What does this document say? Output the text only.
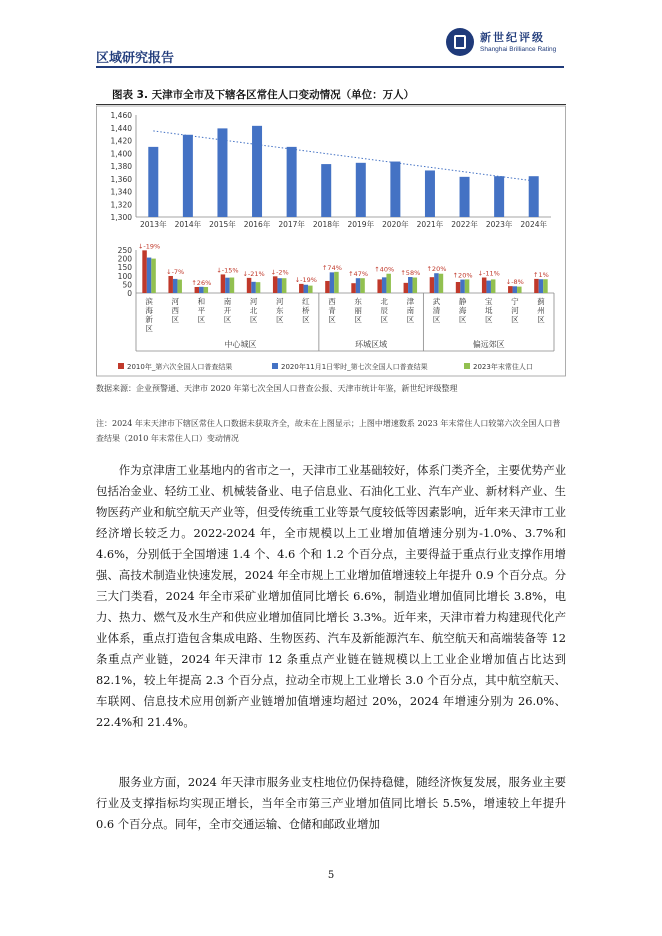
区域研究报告
新世纪评级
Shanghai Brilliance Rating
图表 3. 天津市全市及下辖各区常住人口变动情况（单位：万人）
1,300
1,320
1,340
1,360
1,380
1,400
1,420
1,440
1,460
2013年 2014年 2015年 2016年 2017年 2018年 2019年 2020年 2021年 2022年 2023年 2024年
0
50
100
150
200
250 ↓-19%
滨
海
新
区
↓-7%
河
西
区
↑26%
和
平
区
↓-15%
南
开
区
↓-21%
河
北
区
↓-2%
河
东
区
↓-19%
红
桥
区
↑74%
西
青
区
↑47%
东
丽
区
↑40%
北
辰
区
↑58%
津
南
区
↑20%
武
清
区
↑20%
静
海
区
↓-11%
宝
坻
区
↓-8%
宁
河
区
↑1%
蓟
州
区
中心城区	环城区域	偏远郊区
2010年_第六次全国人口普查结果	2020年11月1日零时_第七次全国人口普查结果	2023年末常住人口
数据来源：企业预警通、天津市 2020 年第七次全国人口普查公报、天津市统计年鉴，新世纪评级整理
注：2024 年末天津市下辖区常住人口数据未获取齐全，故未在上图显示；上图中增速数系 2023 年末常住人口较第六次全国人口普查结果（2010 年末常住人口）变动情况

作为京津唐工业基地内的省市之一，天津市工业基础较好，体系门类齐全，主要优势产业包括冶金业、轻纺工业、机械装备业、电子信息业、石油化工业、汽车产业、新材料产业、生物医药产业和航空航天产业等，但受传统重工业等景气度较低等因素影响，近年来天津市工业经济增长较乏力。2022-2024 年，全市规模以上工业增加值增速分别为-1.0%、3.7%和 4.6%，分别低于全国增速 1.4 个、4.6 个和 1.2 个百分点，主要得益于重点行业支撑作用增强、高技术制造业快速发展，2024 年全市规上工业增加值增速较上年提升 0.9 个百分点。分三大门类看，2024 年全市采矿业增加值同比增长 6.6%，制造业增加值同比增长 3.8%，电力、热力、燃气及水生产和供应业增加值同比增长 3.3%。近年来，天津市着力构建现代化产业体系，重点打造包含集成电路、生物医药、汽车及新能源汽车、航空航天和高端装备等 12 条重点产业链，2024 年天津市 12 条重点产业链在链规模以上工业企业增加值占比达到 82.1%，较上年提高 2.3 个百分点，拉动全市规上工业增长 3.0 个百分点，其中航空航天、车联网、信息技术应用创新产业链增加值增速均超过 20%，2024 年增速分别为 26.0%、22.4%和 21.4%。

服务业方面，2024 年天津市服务业支柱地位仍保持稳健，随经济恢复发展，服务业主要行业及支撑指标均实现正增长，当年全市第三产业增加值同比增长 5.5%，增速较上年提升 0.6 个百分点。同年，全市交通运输、仓储和邮政业增加

5
